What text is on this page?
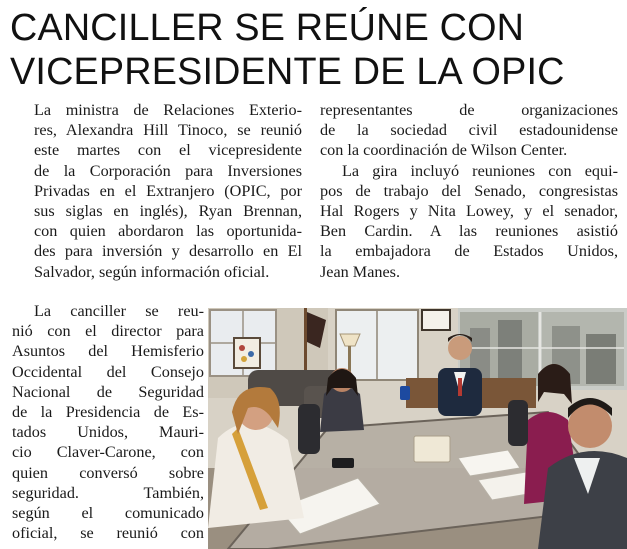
CANCILLER SE REÚNE CON
VICEPRESIDENTE DE LA OPIC
La ministra de Relaciones Exterio-
res, Alexandra Hill Tinoco, se reunió
este martes con el vicepresidente
de la Corporación para Inversiones
Privadas en el Extranjero (OPIC, por
sus siglas en inglés), Ryan Brennan,
con quien abordaron las oportunida-
des para inversión y desarrollo en El
Salvador, según información oficial.
La canciller se reu-
nió con el director para
Asuntos del Hemisferio
Occidental del Consejo
Nacional de Seguridad
de la Presidencia de Es-
tados Unidos, Mauri-
cio Claver-Carone, con
quien conversó sobre
seguridad. También,
según el comunicado
oficial, se reunió con
representantes de organizaciones
de la sociedad civil estadounidense
con la coordinación de Wilson Center.
La gira incluyó reuniones con equi-
pos de trabajo del Senado, congresistas
Hal Rogers y Nita Lowey, y el senador,
Ben Cardin. A las reuniones asistió
la embajadora de Estados Unidos,
Jean Manes.
